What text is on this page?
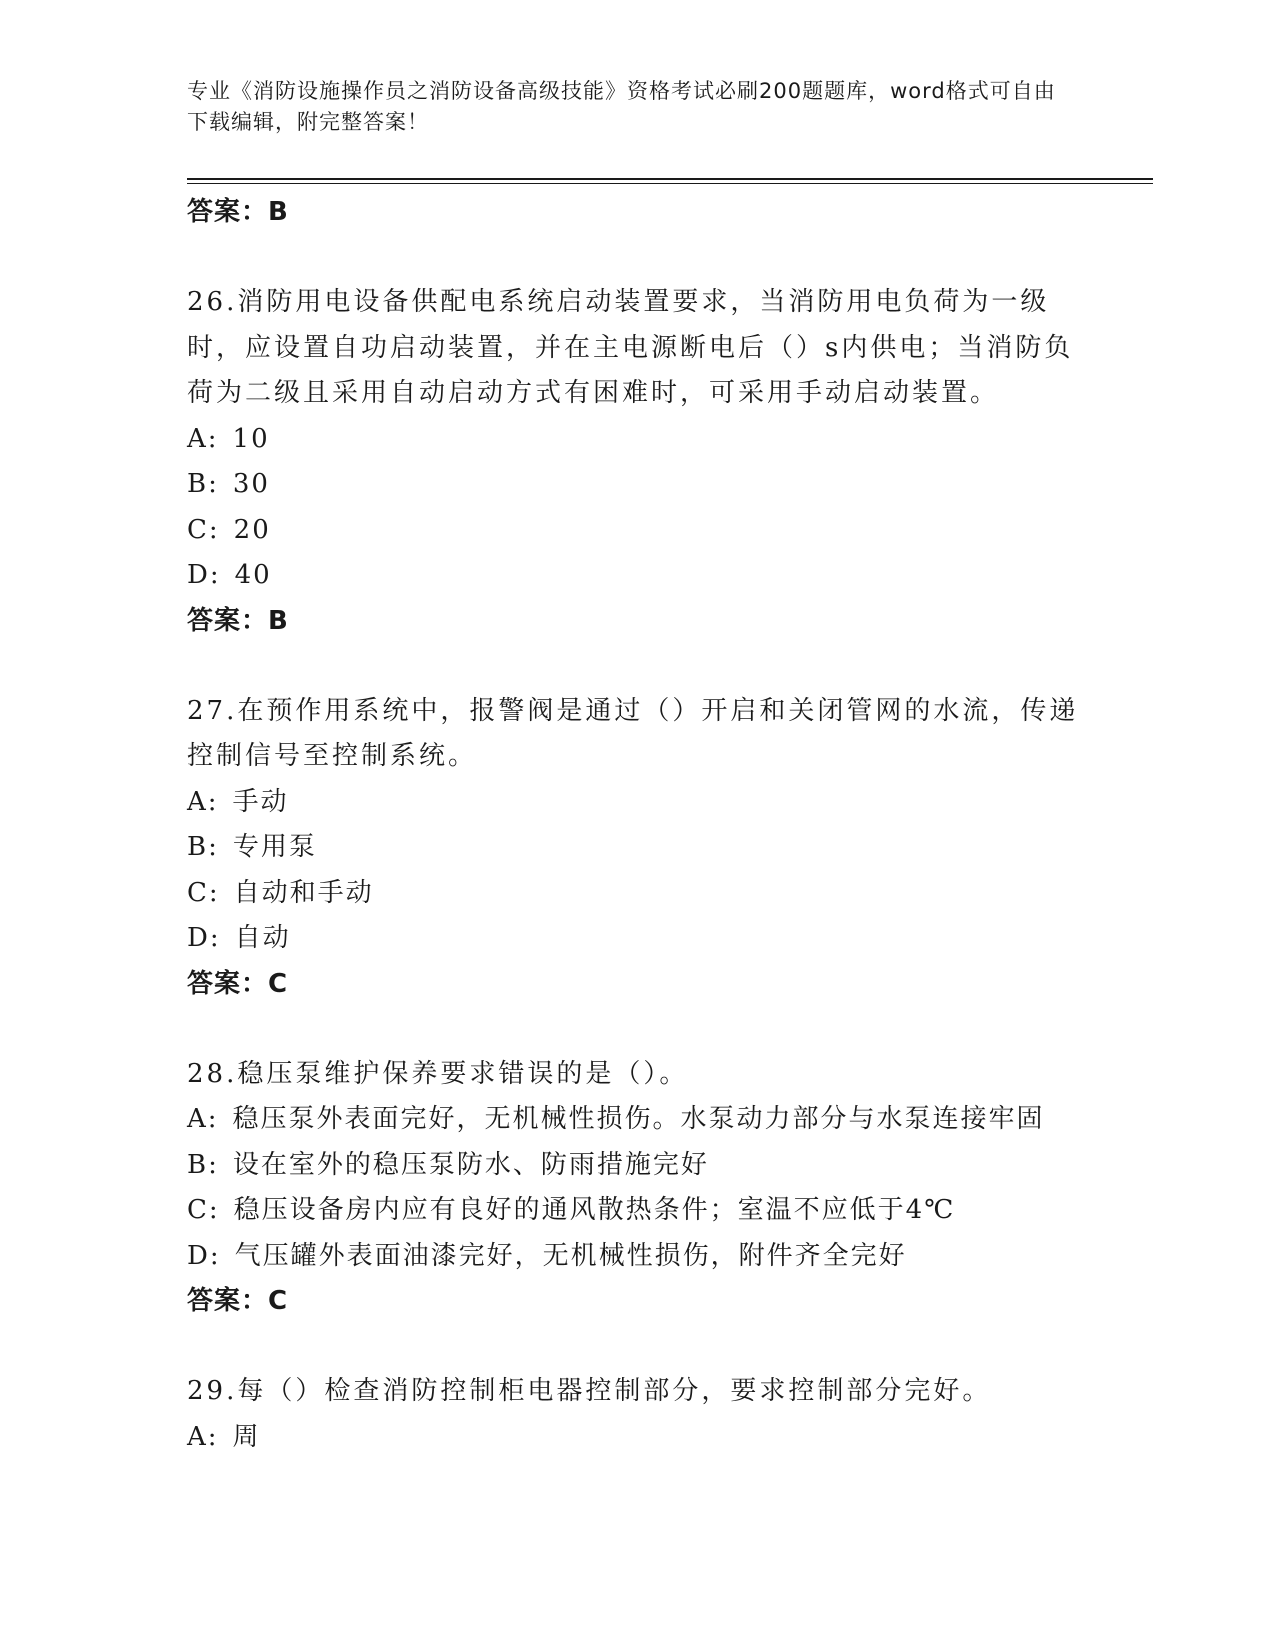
专业《消防设施操作员之消防设备高级技能》资格考试必刷200题题库，word格式可自由下载编辑，附完整答案！

答案：B

26.消防用电设备供配电系统启动装置要求，当消防用电负荷为一级时，应设置自功启动装置，并在主电源断电后（）s内供电；当消防负荷为二级且采用自动启动方式有困难时，可采用手动启动装置。

A: 10

B: 30

C: 20

D: 40

答案：B

27.在预作用系统中，报警阀是通过（）开启和关闭管网的水流，传递控制信号至控制系统。

A: 手动

B: 专用泵

C: 自动和手动

D: 自动

答案：C

28.稳压泵维护保养要求错误的是（）。

A: 稳压泵外表面完好，无机械性损伤。水泵动力部分与水泵连接牢固

B: 设在室外的稳压泵防水、防雨措施完好

C: 稳压设备房内应有良好的通风散热条件；室温不应低于4℃

D: 气压罐外表面油漆完好，无机械性损伤，附件齐全完好

答案：C

29.每（）检查消防控制柜电器控制部分，要求控制部分完好。

A: 周
